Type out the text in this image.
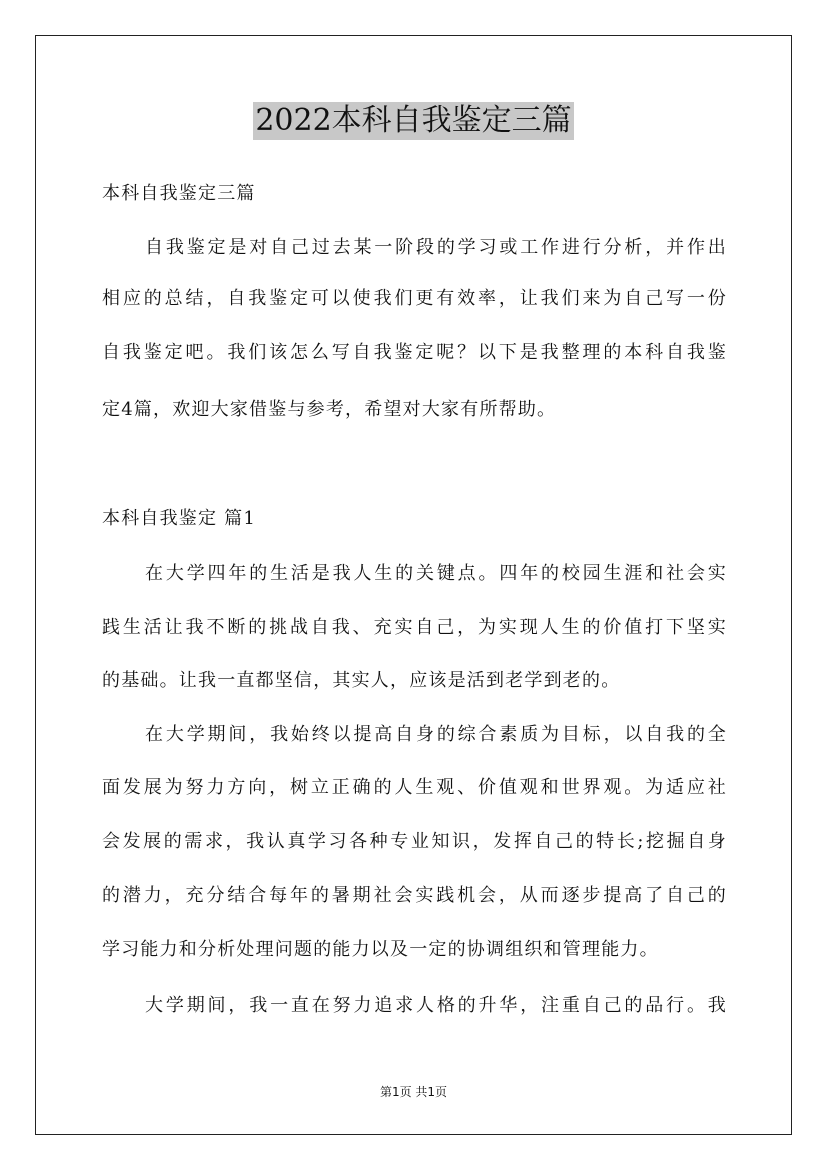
2022本科自我鉴定三篇
本科自我鉴定三篇
自我鉴定是对自己过去某一阶段的学习或工作进行分析，并作出
相应的总结，自我鉴定可以使我们更有效率，让我们来为自己写一份
自我鉴定吧。我们该怎么写自我鉴定呢？以下是我整理的本科自我鉴
定4篇，欢迎大家借鉴与参考，希望对大家有所帮助。
本科自我鉴定 篇1
在大学四年的生活是我人生的关键点。四年的校园生涯和社会实
践生活让我不断的挑战自我、充实自己，为实现人生的价值打下坚实
的基础。让我一直都坚信，其实人，应该是活到老学到老的。
在大学期间，我始终以提高自身的综合素质为目标，以自我的全
面发展为努力方向，树立正确的人生观、价值观和世界观。为适应社
会发展的需求，我认真学习各种专业知识，发挥自己的特长;挖掘自身
的潜力，充分结合每年的暑期社会实践机会，从而逐步提高了自己的
学习能力和分析处理问题的能力以及一定的协调组织和管理能力。
大学期间，我一直在努力追求人格的升华，注重自己的品行。我
第1页 共1页
